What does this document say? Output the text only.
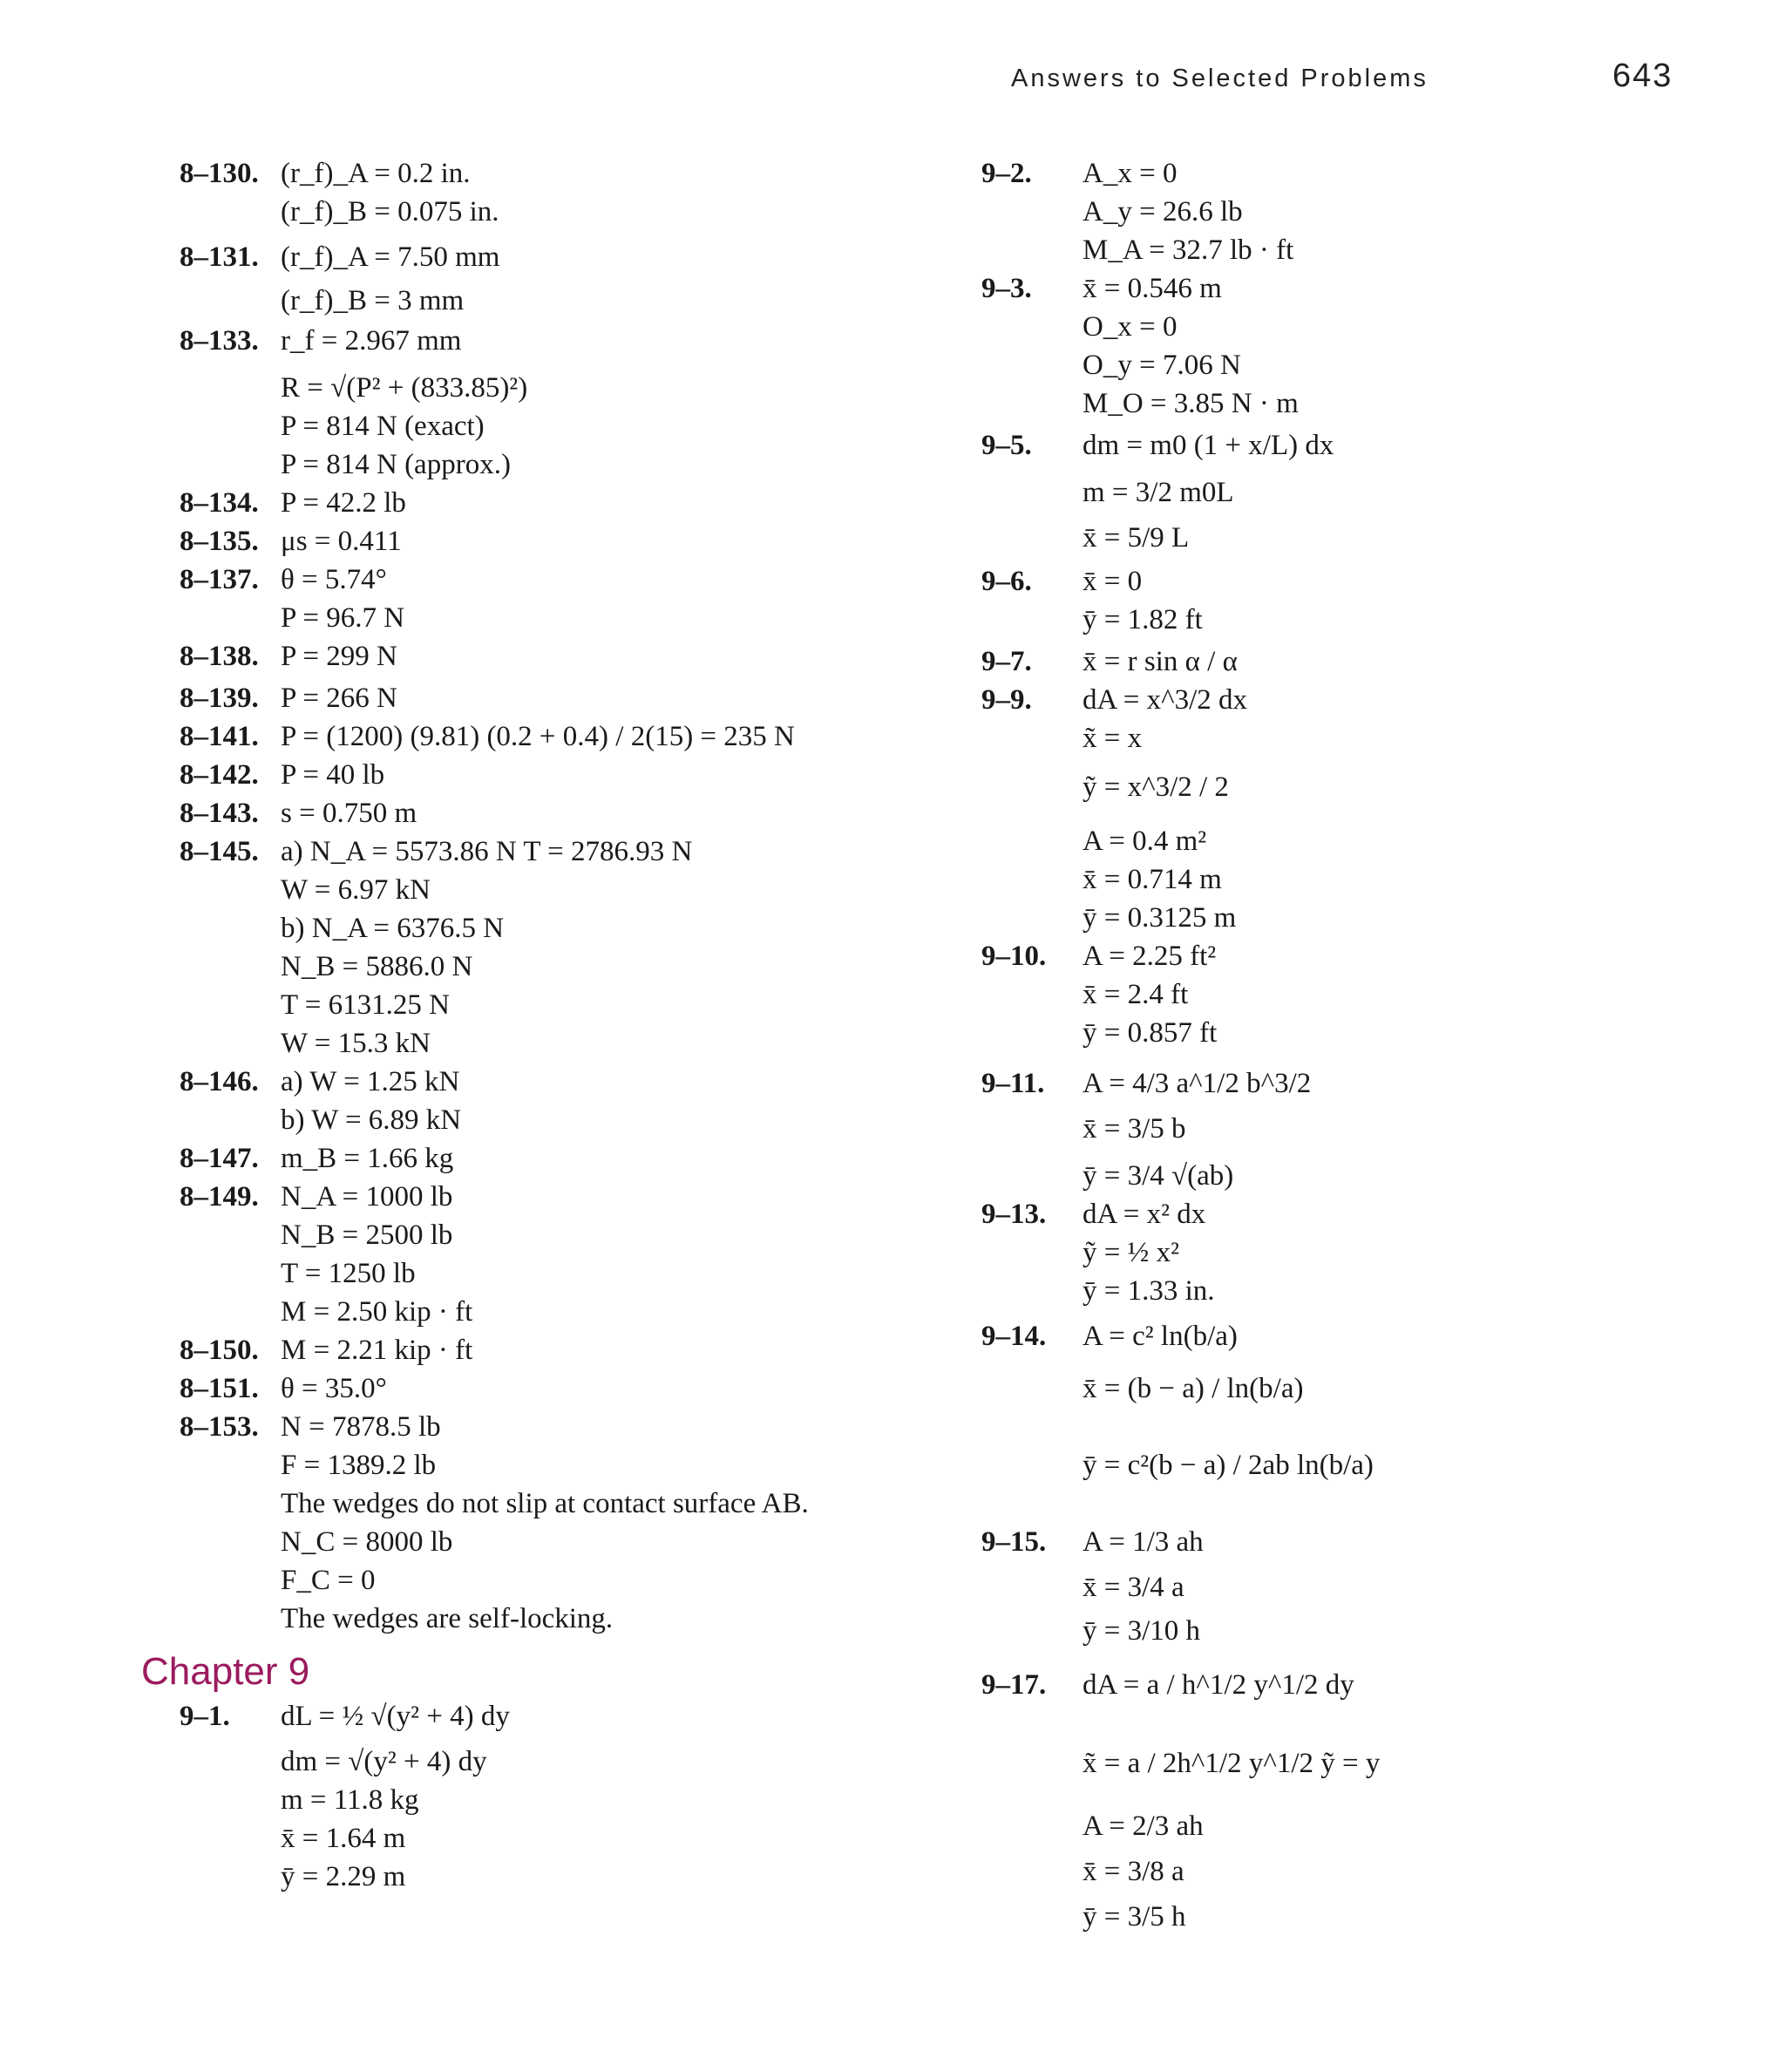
Answers to Selected Problems	643
8–130. (r_f)_A = 0.2 in.
(r_f)_B = 0.075 in.
8–131. (r_f)_A = 7.50 mm
(r_f)_B = 3 mm
8–133. r_f = 2.967 mm
R = √(P² + (833.85)²)
P = 814 N (exact)
P = 814 N (approx.)
8–134. P = 42.2 lb
8–135. μs = 0.411
8–137. θ = 5.74°
P = 96.7 N
8–138. P = 299 N
8–139. P = 266 N
8–141. P = (1200) (9.81) (0.2 + 0.4) / 2(15) = 235 N
8–142. P = 40 lb
8–143. s = 0.750 m
8–145. a) N_A = 5573.86 N T = 2786.93 N
W = 6.97 kN
b) N_A = 6376.5 N
N_B = 5886.0 N
T = 6131.25 N
W = 15.3 kN
8–146. a) W = 1.25 kN
b) W = 6.89 kN
8–147. m_B = 1.66 kg
8–149. N_A = 1000 lb
N_B = 2500 lb
T = 1250 lb
M = 2.50 kip · ft
8–150. M = 2.21 kip · ft
8–151. θ = 35.0°
8–153. N = 7878.5 lb
F = 1389.2 lb
The wedges do not slip at contact surface AB.
N_C = 8000 lb
F_C = 0
The wedges are self-locking.
9–1. dL = ½ √(y² + 4) dy
dm = √(y² + 4) dy
m = 11.8 kg
x̄ = 1.64 m
ȳ = 2.29 m
Chapter 9
9–2. A_x = 0
A_y = 26.6 lb
M_A = 32.7 lb · ft
9–3. x̄ = 0.546 m
O_x = 0
O_y = 7.06 N
M_O = 3.85 N · m
9–5. dm = m0 (1 + x/L) dx
m = 3/2 m0L
x̄ = 5/9 L
9–6. x̄ = 0
ȳ = 1.82 ft
9–7. x̄ = r sin α / α
9–9. dA = x^3/2 dx
x̃ = x
ỹ = x^3/2 / 2
A = 0.4 m²
x̄ = 0.714 m
ȳ = 0.3125 m
9–10. A = 2.25 ft²
x̄ = 2.4 ft
ȳ = 0.857 ft
9–11. A = 4/3 a^1/2 b^3/2
x̄ = 3/5 b
ȳ = 3/4 √(ab)
9–13. dA = x² dx
ỹ = ½ x²
ȳ = 1.33 in.
9–14. A = c² ln(b/a)
x̄ = (b − a) / ln(b/a)
ȳ = c²(b − a) / 2ab ln(b/a)
9–15. A = 1/3 ah
x̄ = 3/4 a
ȳ = 3/10 h
9–17. dA = a / h^1/2 y^1/2 dy
x̃ = a / 2h^1/2 y^1/2 ỹ = y
A = 2/3 ah
x̄ = 3/8 a
ȳ = 3/5 h
